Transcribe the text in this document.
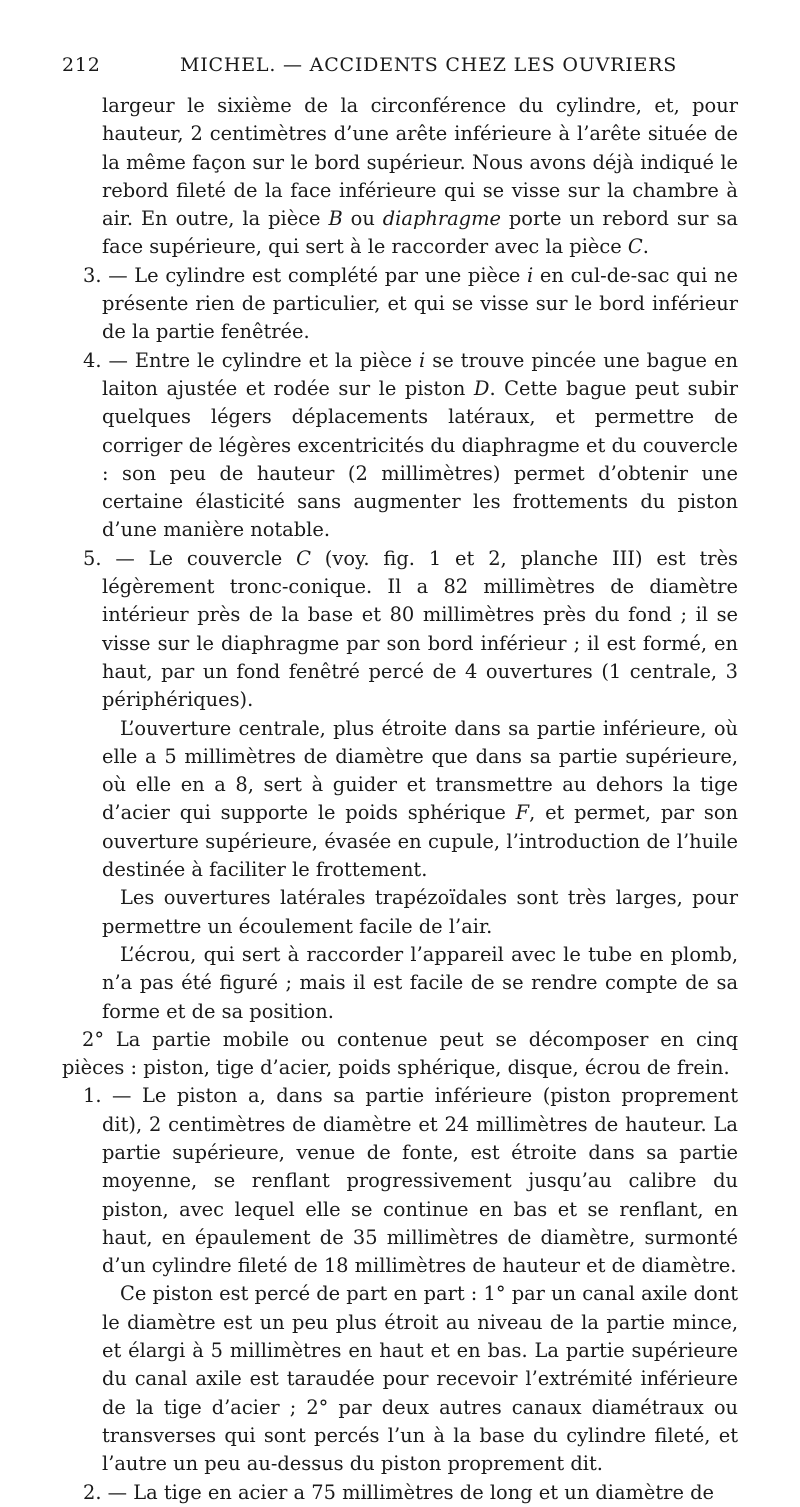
212	MICHEL. — ACCIDENTS CHEZ LES OUVRIERS

largeur le sixième de la circonférence du cylindre, et, pour hauteur, 2 centimètres d’une arête inférieure à l’arête située de la même façon sur le bord supérieur. Nous avons déjà indiqué le rebord fileté de la face inférieure qui se visse sur la chambre à air. En outre, la pièce B ou diaphragme porte un rebord sur sa face supérieure, qui sert à le raccorder avec la pièce C.

3. — Le cylindre est complété par une pièce i en cul-de-sac qui ne présente rien de particulier, et qui se visse sur le bord inférieur de la partie fenêtrée.

4. — Entre le cylindre et la pièce i se trouve pincée une bague en laiton ajustée et rodée sur le piston D. Cette bague peut subir quelques légers déplacements latéraux, et permettre de corriger de légères excentricités du diaphragme et du couvercle : son peu de hauteur (2 millimètres) permet d’obtenir une certaine élasticité sans augmenter les frottements du piston d’une manière notable.

5. — Le couvercle C (voy. fig. 1 et 2, planche III) est très légèrement tronc-conique. Il a 82 millimètres de diamètre intérieur près de la base et 80 millimètres près du fond ; il se visse sur le diaphragme par son bord inférieur ; il est formé, en haut, par un fond fenêtré percé de 4 ouvertures (1 centrale, 3 périphériques).

L’ouverture centrale, plus étroite dans sa partie inférieure, où elle a 5 millimètres de diamètre que dans sa partie supérieure, où elle en a 8, sert à guider et transmettre au dehors la tige d’acier qui supporte le poids sphérique F, et permet, par son ouverture supérieure, évasée en cupule, l’introduction de l’huile destinée à faciliter le frottement.

Les ouvertures latérales trapézoïdales sont très larges, pour permettre un écoulement facile de l’air.

L’écrou, qui sert à raccorder l’appareil avec le tube en plomb, n’a pas été figuré ; mais il est facile de se rendre compte de sa forme et de sa position.

2° La partie mobile ou contenue peut se décomposer en cinq pièces : piston, tige d’acier, poids sphérique, disque, écrou de frein.

1. — Le piston a, dans sa partie inférieure (piston proprement dit), 2 centimètres de diamètre et 24 millimètres de hauteur. La partie supérieure, venue de fonte, est étroite dans sa partie moyenne, se renflant progressivement jusqu’au calibre du piston, avec lequel elle se continue en bas et se renflant, en haut, en épaulement de 35 millimètres de diamètre, surmonté d’un cylindre fileté de 18 millimètres de hauteur et de diamètre.

Ce piston est percé de part en part : 1° par un canal axile dont le diamètre est un peu plus étroit au niveau de la partie mince, et élargi à 5 millimètres en haut et en bas. La partie supérieure du canal axile est taraudée pour recevoir l’extrémité inférieure de la tige d’acier ; 2° par deux autres canaux diamétraux ou transverses qui sont percés l’un à la base du cylindre fileté, et l’autre un peu au-dessus du piston proprement dit.

2. — La tige en acier a 75 millimètres de long et un diamètre de
